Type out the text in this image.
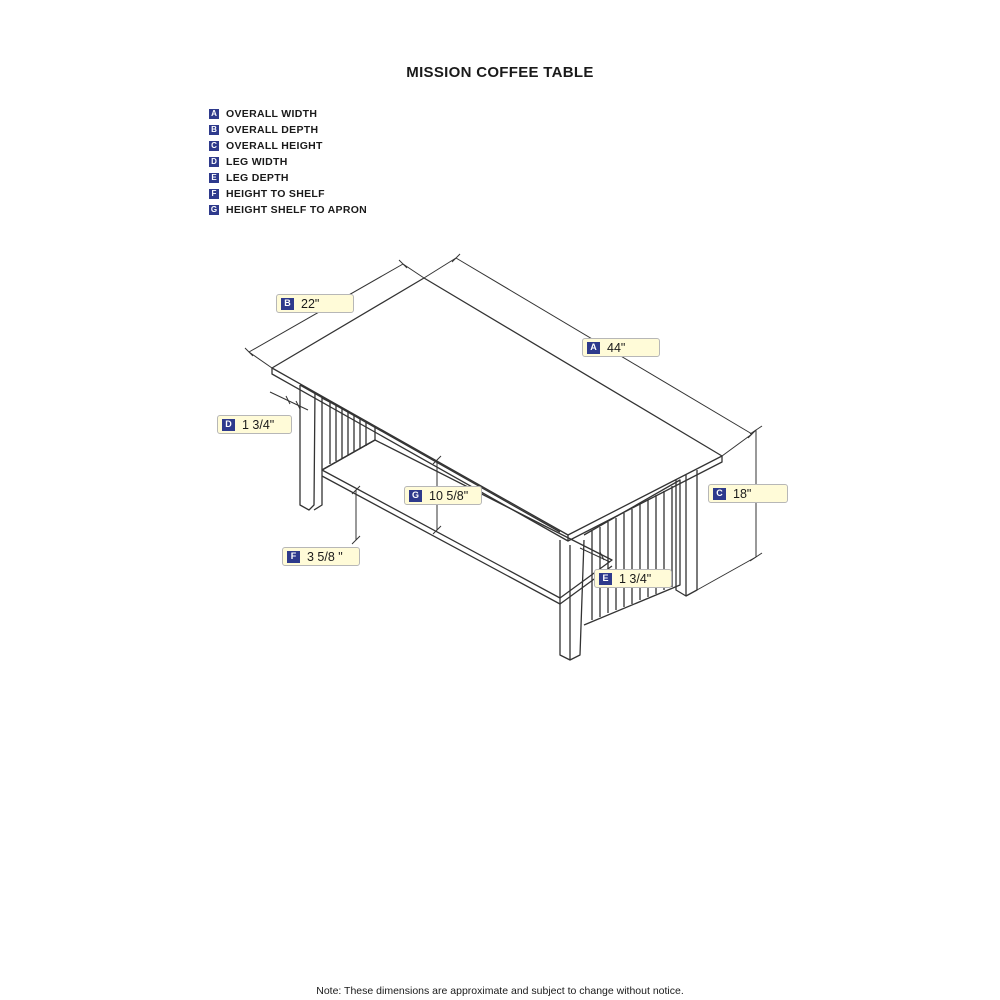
MISSION COFFEE TABLE
A OVERALL WIDTH
B OVERALL DEPTH
C OVERALL HEIGHT
D LEG WIDTH
E LEG DEPTH
F HEIGHT TO SHELF
G HEIGHT SHELF TO APRON
B 22"
A 44"
D 1 3/4"
G 10 5/8"	C 18"
F 3 5/8 "
E 1 3/4"
Note: These dimensions are approximate and subject to change without notice.
